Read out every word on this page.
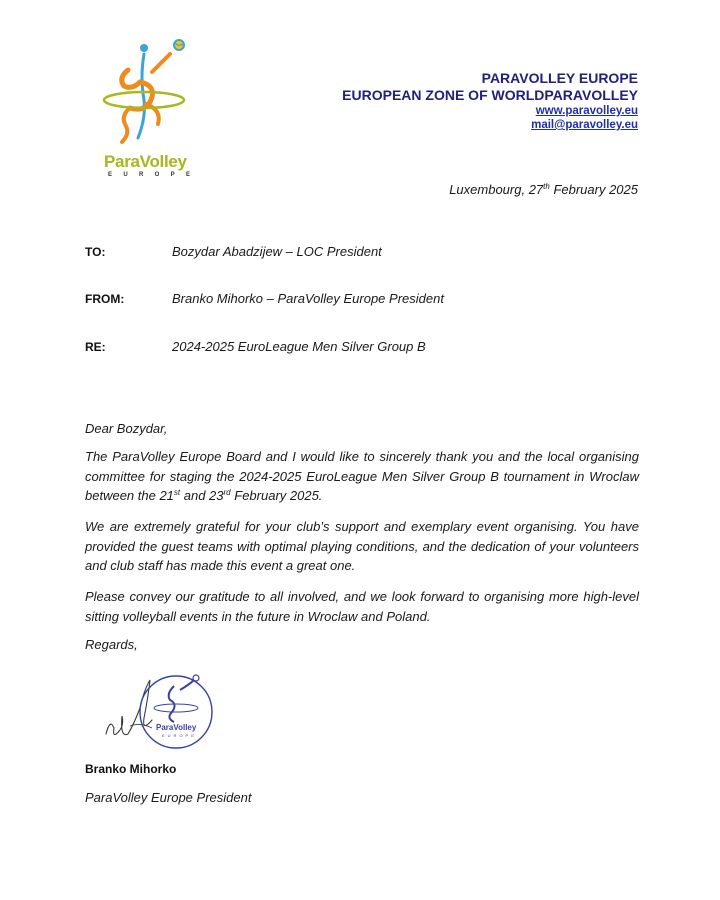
ParaVolley
E U R O P E
PARAVOLLEY EUROPE
EUROPEAN ZONE OF WORLDPARAVOLLEY
www.paravolley.eu
mail@paravolley.eu
Luxembourg, 27th February 2025
TO:	Bozydar Abadzijew – LOC President
FROM:	Branko Mihorko – ParaVolley Europe President
RE:	2024-2025 EuroLeague Men Silver Group B
Dear Bozydar,

The ParaVolley Europe Board and I would like to sincerely thank you and the local organising committee for staging the 2024-2025 EuroLeague Men Silver Group B tournament in Wroclaw between the 21st and 23rd February 2025.

We are extremely grateful for your club’s support and exemplary event organising. You have provided the guest teams with optimal playing conditions, and the dedication of your volunteers and club staff has made this event a great one.

Please convey our gratitude to all involved, and we look forward to organising more high-level sitting volleyball events in the future in Wroclaw and Poland.

Regards,
ParaVolley
EUROPE
Branko Mihorko
ParaVolley Europe President
